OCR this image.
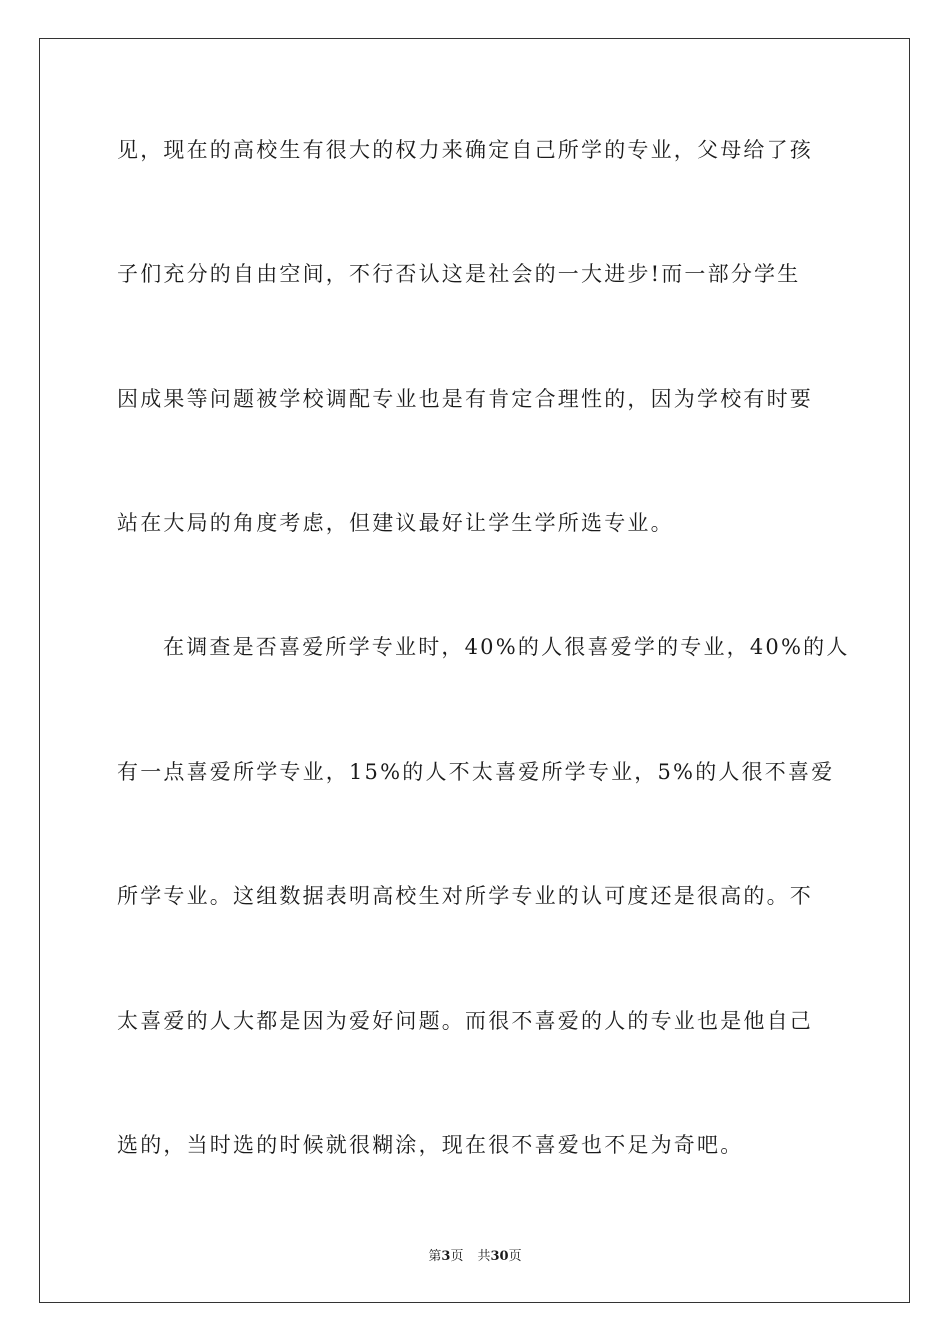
见，现在的高校生有很大的权力来确定自己所学的专业，父母给了孩
子们充分的自由空间，不行否认这是社会的一大进步!而一部分学生
因成果等问题被学校调配专业也是有肯定合理性的，因为学校有时要
站在大局的角度考虑，但建议最好让学生学所选专业。
在调查是否喜爱所学专业时，40%的人很喜爱学的专业，40%的人
有一点喜爱所学专业，15%的人不太喜爱所学专业，5%的人很不喜爱
所学专业。这组数据表明高校生对所学专业的认可度还是很高的。不
太喜爱的人大都是因为爱好问题。而很不喜爱的人的专业也是他自己
选的，当时选的时候就很糊涂，现在很不喜爱也不足为奇吧。
第3页 共30页
